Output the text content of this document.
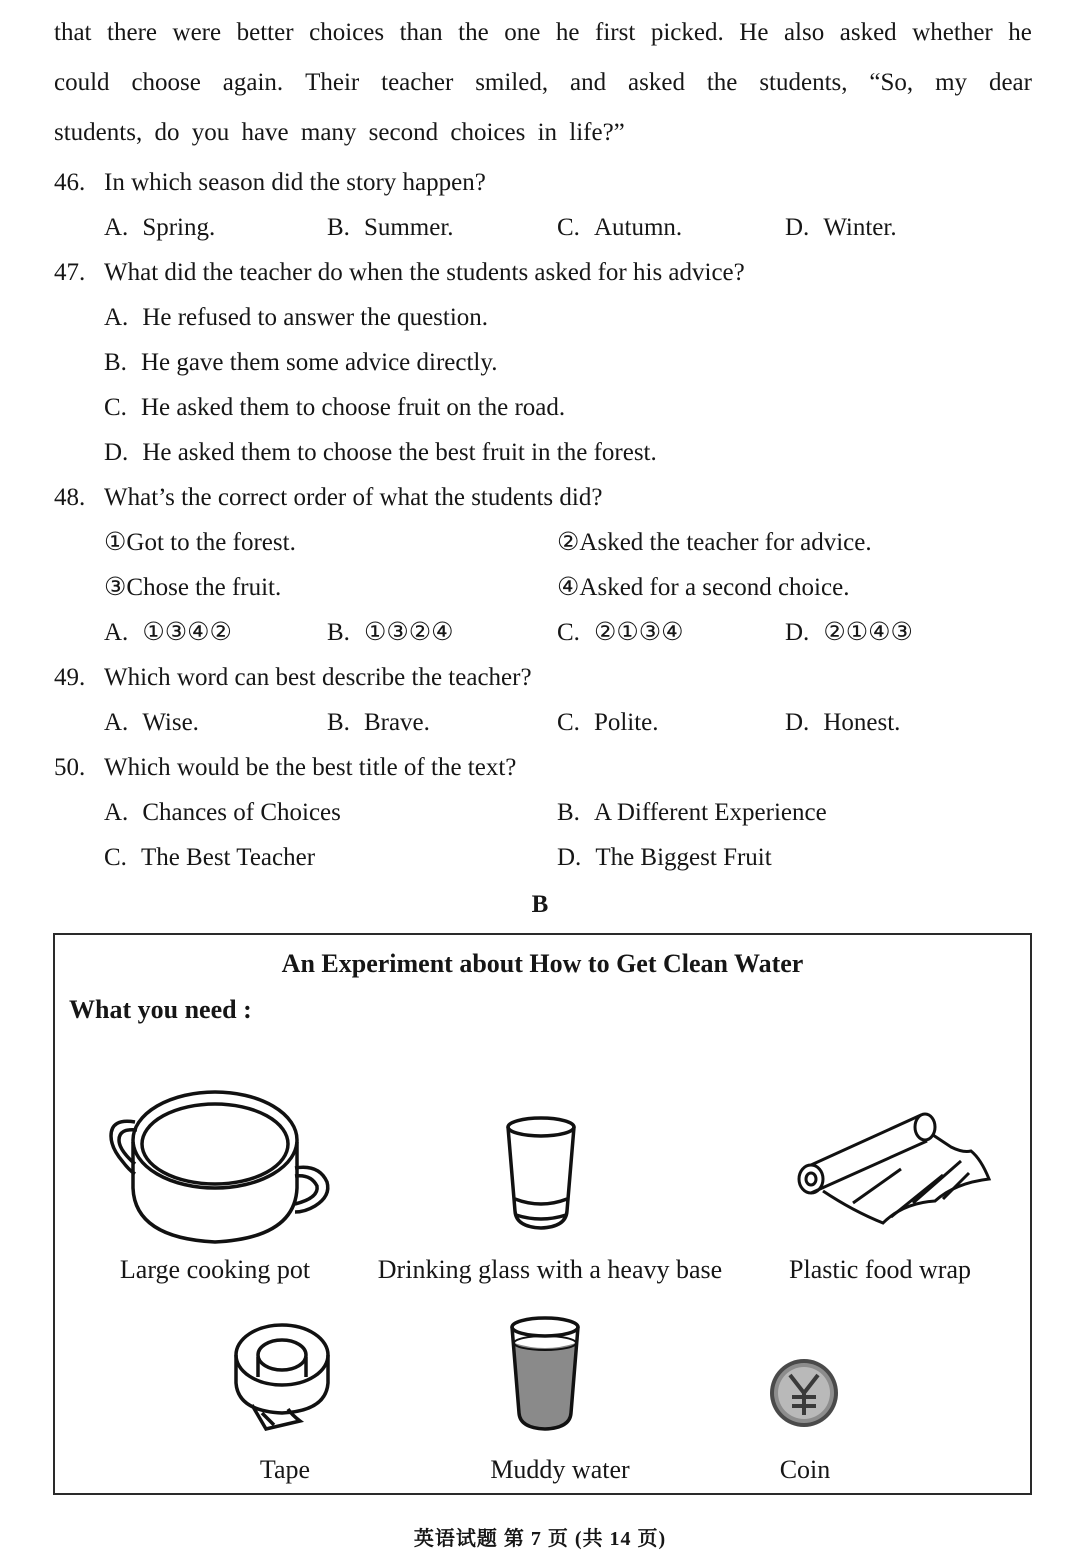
that there were better choices than the one he first picked. He also asked whether he
could choose again. Their teacher smiled, and asked the students, “So, my dear
students, do you have many second choices in life?”
46. In which season did the story happen?
A. Spring.	B. Summer.	C. Autumn.	D. Winter.
47. What did the teacher do when the students asked for his advice?
A. He refused to answer the question.
B. He gave them some advice directly.
C. He asked them to choose fruit on the road.
D. He asked them to choose the best fruit in the forest.
48. What’s the correct order of what the students did?
①Got to the forest.	②Asked the teacher for advice.
③Chose the fruit.	④Asked for a second choice.
A. ①③④②	B. ①③②④	C. ②①③④	D. ②①④③
49. Which word can best describe the teacher?
A. Wise.	B. Brave.	C. Polite.	D. Honest.
50. Which would be the best title of the text?
A. Chances of Choices	B. A Different Experience
C. The Best Teacher	D. The Biggest Fruit
B
An Experiment about How to Get Clean Water
What you need :
Large cooking pot	Drinking glass with a heavy base	Plastic food wrap
Tape	Muddy water	Coin
英语试题 第 7 页 (共 14 页)
